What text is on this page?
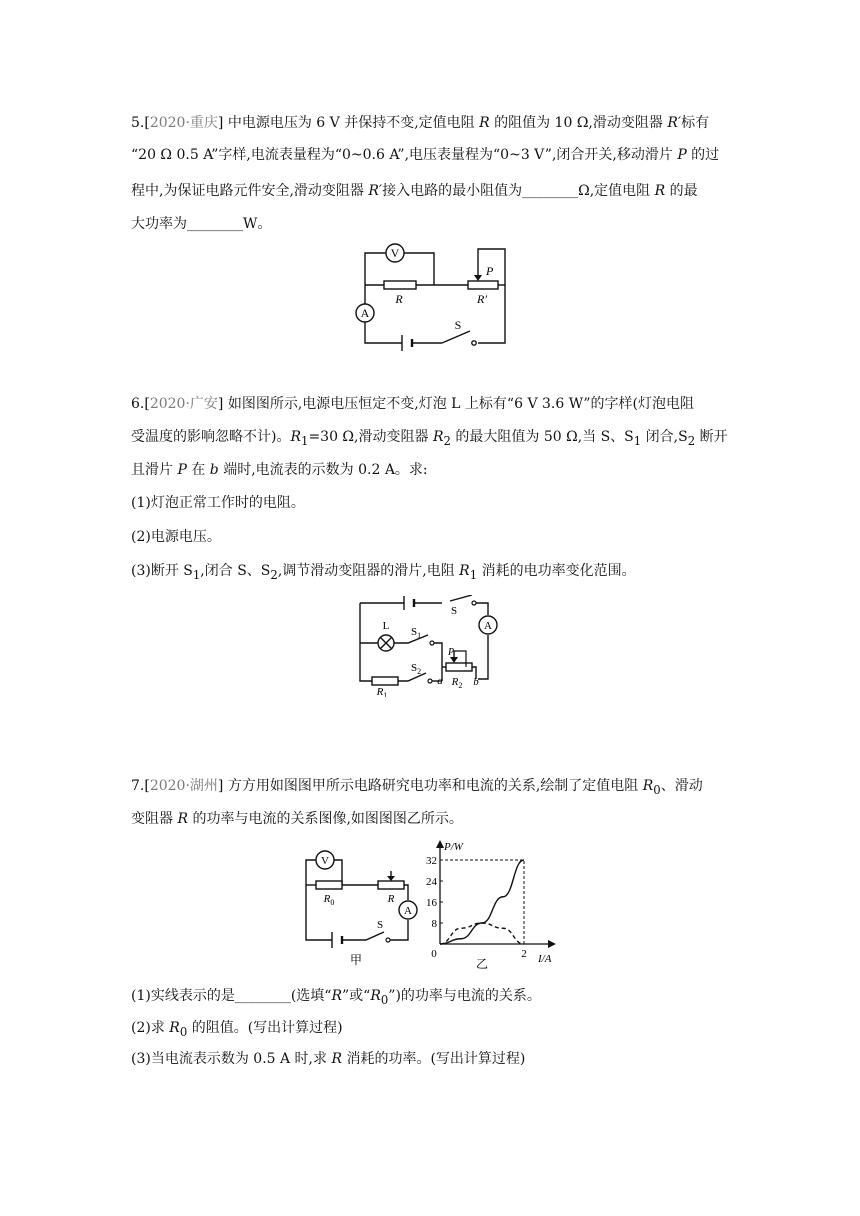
5.[2020·重庆] 中电源电压为 6 V 并保持不变,定值电阻 R 的阻值为 10 Ω,滑动变阻器 R′标有
“20 Ω 0.5 A”字样,电流表量程为“0~0.6 A”,电压表量程为“0~3 V”,闭合开关,移动滑片 P 的过
程中,为保证电路元件安全,滑动变阻器 R′接入电路的最小阻值为________Ω,定值电阻 R 的最
大功率为________W。
V
A
R	R′
P
S
6.[2020·广安] 如图图所示,电源电压恒定不变,灯泡 L 上标有“6 V 3.6 W”的字样(灯泡电阻
受温度的影响忽略不计)。$R_1=30$ Ω,滑动变阻器 $R_2$ 的最大阻值为 50 Ω,当 S、$S_1$ 闭合$,S_2$ 断开
且滑片 P 在 b 端时,电流表的示数为 0.2 A。求:
(1)灯泡正常工作时的电阻。
(2)电源电压。
(3)断开 $S_1$,闭合 S、$S_2$,调节滑动变阻器的滑片,电阻 $R_1$ 消耗的电功率变化范围。
A
L
P
S
$S_1$
$S_2$
$R_1$
$R_2$
a	b
7.[2020·湖州] 方方用如图图甲所示电路研究电功率和电流的关系,绘制了定值电阻 $R_0$、滑动
变阻器 R 的功率与电流的关系图像,如图图图乙所示。
V
A
$R_0$	R
S
甲
P/W
I/A
乙
8
16
24
32
0	2
(1)实线表示的是________(选填“R”或“$R_0$”)的功率与电流的关系。
(2)求 $R_0$ 的阻值。(写出计算过程)
(3)当电流表示数为 0.5 A 时,求 R 消耗的功率。(写出计算过程)
